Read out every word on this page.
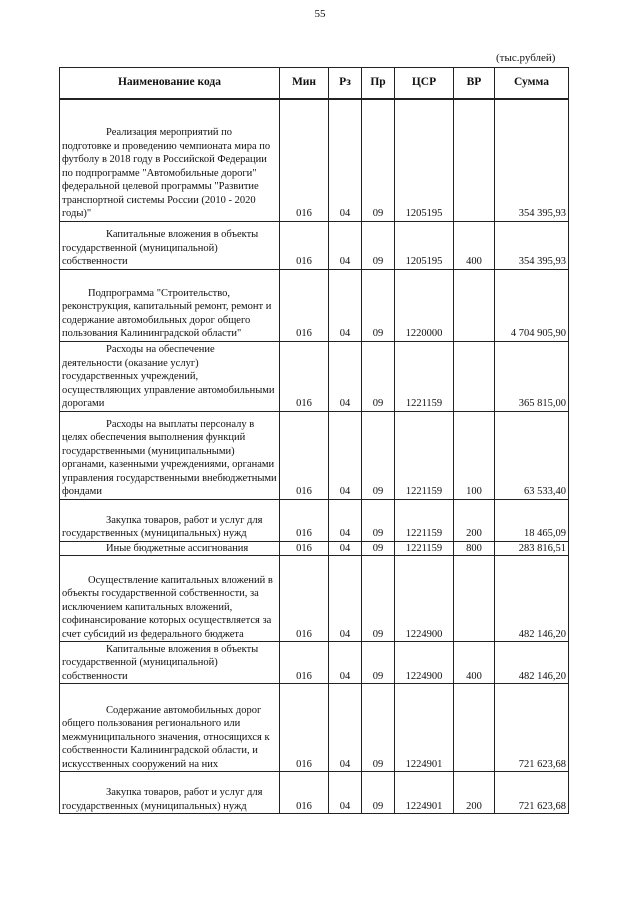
55
(тыс.рублей)
Наименование кода	Мин	Рз	Пр	ЦСР	ВР	Сумма
Реализация мероприятий по подготовке и проведению чемпионата мира по футболу в 2018 году в Российской Федерации по подпрограмме "Автомобильные дороги" федеральной целевой программы "Развитие транспортной системы России (2010 - 2020 годы)"	016	04	09	1205195		354 395,93
Капитальные вложения в объекты государственной (муниципальной) собственности	016	04	09	1205195	400	354 395,93
Подпрограмма "Строительство, реконструкция, капитальный ремонт, ремонт и содержание автомобильных дорог общего пользования Калининградской области"	016	04	09	1220000		4 704 905,90
Расходы на обеспечение деятельности (оказание услуг) государственных учреждений, осуществляющих управление автомобильными дорогами	016	04	09	1221159		365 815,00
Расходы на выплаты персоналу в целях обеспечения выполнения функций государственными (муниципальными) органами, казенными учреждениями, органами управления государственными внебюджетными фондами	016	04	09	1221159	100	63 533,40
Закупка товаров, работ и услуг для государственных (муниципальных) нужд	016	04	09	1221159	200	18 465,09
Иные бюджетные ассигнования	016	04	09	1221159	800	283 816,51
Осуществление капитальных вложений в объекты государственной собственности, за исключением капитальных вложений, софинансирование которых осуществляется за счет субсидий из федерального бюджета	016	04	09	1224900		482 146,20
Капитальные вложения в объекты государственной (муниципальной) собственности	016	04	09	1224900	400	482 146,20
Содержание автомобильных дорог общего пользования регионального или межмуниципального значения, относящихся к собственности Калининградской области, и искусственных сооружений на них	016	04	09	1224901		721 623,68
Закупка товаров, работ и услуг для государственных (муниципальных) нужд	016	04	09	1224901	200	721 623,68
